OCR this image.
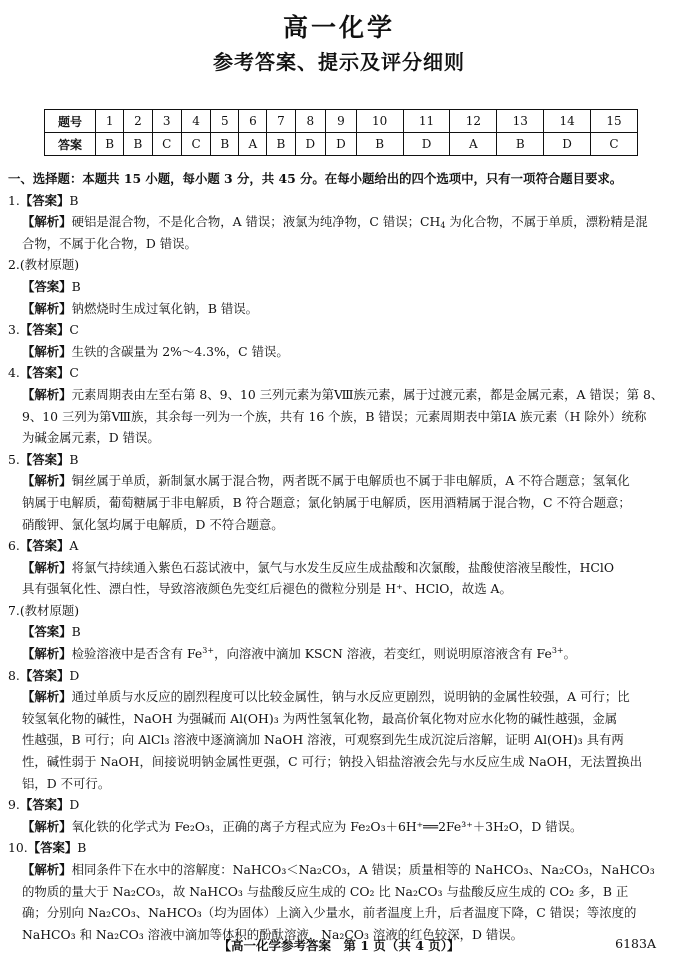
高一化学
参考答案、提示及评分细则
题号	1	2	3	4	5	6	7	8	9	10	11	12	13	14	15
答案	B	B	C	C	B	A	B	D	D	B	D	A	B	D	C
一、选择题：本题共 15 小题，每小题 3 分，共 45 分。在每小题给出的四个选项中，只有一项符合题目要求。
1.【答案】B
【解析】硬铝是混合物，不是化合物，A 错误；液氯为纯净物，C 错误；$CH_4$ 为化合物，不属于单质，漂粉精是混
合物，不属于化合物，D 错误。
2.(教材原题)
【答案】B
【解析】钠燃烧时生成过氧化钠，B 错误。
3.【答案】C
【解析】生铁的含碳量为 2%～4.3%，C 错误。
4.【答案】C
【解析】元素周期表由左至右第 8、9、10 三列元素为第Ⅷ族元素，属于过渡元素，都是金属元素，A 错误；第 8、
9、10 三列为第Ⅷ族，其余每一列为一个族，共有 16 个族，B 错误；元素周期表中第ⅠA 族元素（H 除外）统称
为碱金属元素，D 错误。
5.【答案】B
【解析】铜丝属于单质，新制氯水属于混合物，两者既不属于电解质也不属于非电解质，A 不符合题意；氢氧化
钠属于电解质，葡萄糖属于非电解质，B 符合题意；氯化钠属于电解质，医用酒精属于混合物，C 不符合题意；
硝酸钾、氯化氢均属于电解质，D 不符合题意。
6.【答案】A
【解析】将氯气持续通入紫色石蕊试液中，氯气与水发生反应生成盐酸和次氯酸，盐酸使溶液呈酸性，HClO
具有强氧化性、漂白性，导致溶液颜色先变红后褪色的微粒分别是 H⁺、HClO，故选 A。
7.(教材原题)
【答案】B
【解析】检验溶液中是否含有 $Fe^{3+}$，向溶液中滴加 KSCN 溶液，若变红，则说明原溶液含有 $Fe^{3+}$。
8.【答案】D
【解析】通过单质与水反应的剧烈程度可以比较金属性，钠与水反应更剧烈，说明钠的金属性较强，A 可行；比
较氢氧化物的碱性，NaOH 为强碱而 Al(OH)₃ 为两性氢氧化物，最高价氧化物对应水化物的碱性越强，金属
性越强，B 可行；向 AlCl₃ 溶液中逐滴滴加 NaOH 溶液，可观察到先生成沉淀后溶解，证明 Al(OH)₃ 具有两
性，碱性弱于 NaOH，间接说明钠金属性更强，C 可行；钠投入铝盐溶液会先与水反应生成 NaOH，无法置换出
铝，D 不可行。
9.【答案】D
【解析】氧化铁的化学式为 Fe₂O₃，正确的离子方程式应为 Fe₂O₃＋6H⁺══2Fe³⁺＋3H₂O，D 错误。
10.【答案】B
【解析】相同条件下在水中的溶解度：NaHCO₃＜Na₂CO₃，A 错误；质量相等的 NaHCO₃、Na₂CO₃，NaHCO₃
的物质的量大于 Na₂CO₃，故 NaHCO₃ 与盐酸反应生成的 CO₂ 比 Na₂CO₃ 与盐酸反应生成的 CO₂ 多，B 正
确；分别向 Na₂CO₃、NaHCO₃（均为固体）上滴入少量水，前者温度上升，后者温度下降，C 错误；等浓度的
NaHCO₃ 和 Na₂CO₃ 溶液中滴加等体积的酚酞溶液，Na₂CO₃ 溶液的红色较深，D 错误。
【高一化学参考答案　第 1 页（共 4 页）】	6183A
